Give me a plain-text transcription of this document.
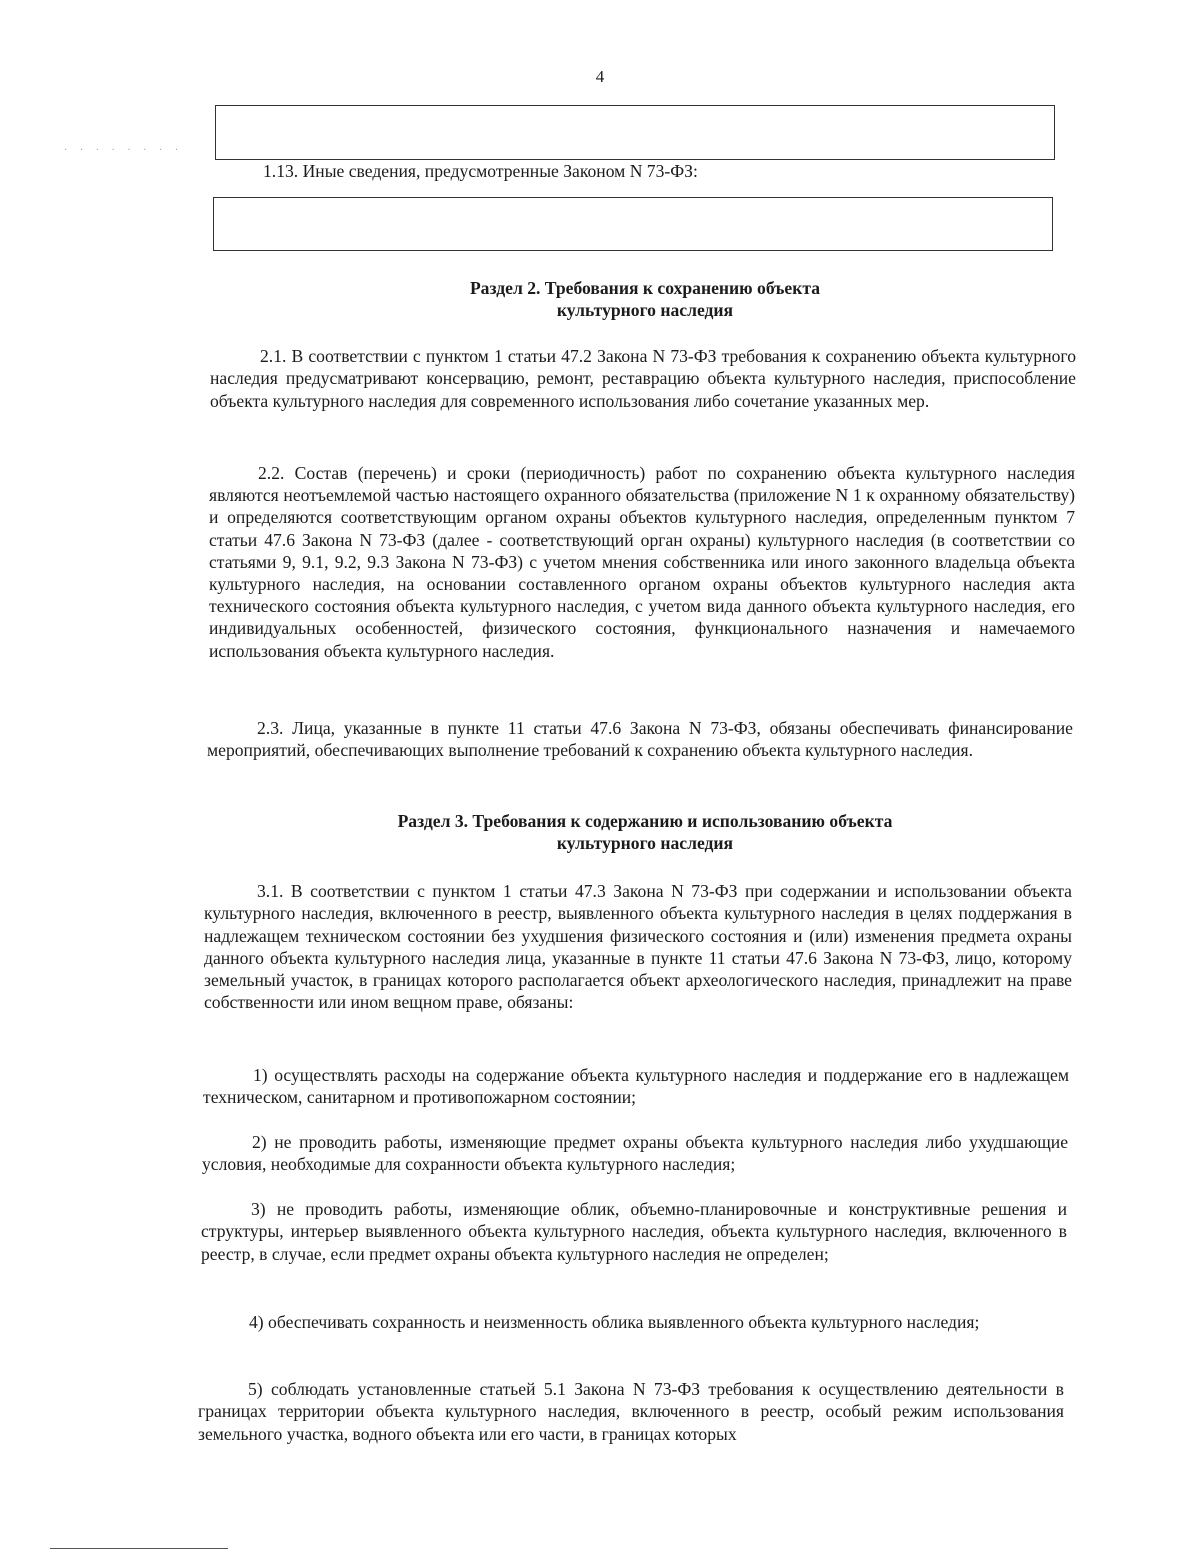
4
· · · · · · · ·
1.13. Иные сведения, предусмотренные Законом N 73-ФЗ:
Раздел 2. Требования к сохранению объекта
культурного наследия

2.1. В соответствии с пунктом 1 статьи 47.2 Закона N 73-ФЗ требования к сохранению объекта культурного наследия предусматривают консервацию, ремонт, реставрацию объекта культурного наследия, приспособление объекта культурного наследия для современного использования либо сочетание указанных мер.

2.2. Состав (перечень) и сроки (периодичность) работ по сохранению объекта культурного наследия являются неотъемлемой частью настоящего охранного обязательства (приложение N 1 к охранному обязательству) и определяются соответствующим органом охраны объектов культурного наследия, определенным пунктом 7 статьи 47.6 Закона N 73-ФЗ (далее - соответствующий орган охраны) культурного наследия (в соответствии со статьями 9, 9.1, 9.2, 9.3 Закона N 73-ФЗ) с учетом мнения собственника или иного законного владельца объекта культурного наследия, на основании составленного органом охраны объектов культурного наследия акта технического состояния объекта культурного наследия, с учетом вида данного объекта культурного наследия, его индивидуальных особенностей, физического состояния, функционального назначения и намечаемого использования объекта культурного наследия.

2.3. Лица, указанные в пункте 11 статьи 47.6 Закона N 73-ФЗ, обязаны обеспечивать финансирование мероприятий, обеспечивающих выполнение требований к сохранению объекта культурного наследия.

Раздел 3. Требования к содержанию и использованию объекта
культурного наследия

3.1. В соответствии с пунктом 1 статьи 47.3 Закона N 73-ФЗ при содержании и использовании объекта культурного наследия, включенного в реестр, выявленного объекта культурного наследия в целях поддержания в надлежащем техническом состоянии без ухудшения физического состояния и (или) изменения предмета охраны данного объекта культурного наследия лица, указанные в пункте 11 статьи 47.6 Закона N 73-ФЗ, лицо, которому земельный участок, в границах которого располагается объект археологического наследия, принадлежит на праве собственности или ином вещном праве, обязаны:

1) осуществлять расходы на содержание объекта культурного наследия и поддержание его в надлежащем техническом, санитарном и противопожарном состоянии;

2) не проводить работы, изменяющие предмет охраны объекта культурного наследия либо ухудшающие условия, необходимые для сохранности объекта культурного наследия;

3) не проводить работы, изменяющие облик, объемно-планировочные и конструктивные решения и структуры, интерьер выявленного объекта культурного наследия, объекта культурного наследия, включенного в реестр, в случае, если предмет охраны объекта культурного наследия не определен;

4) обеспечивать сохранность и неизменность облика выявленного объекта культурного наследия;

5) соблюдать установленные статьей 5.1 Закона N 73-ФЗ требования к осуществлению деятельности в границах территории объекта культурного наследия, включенного в реестр, особый режим использования земельного участка, водного объекта или его части, в границах которых
